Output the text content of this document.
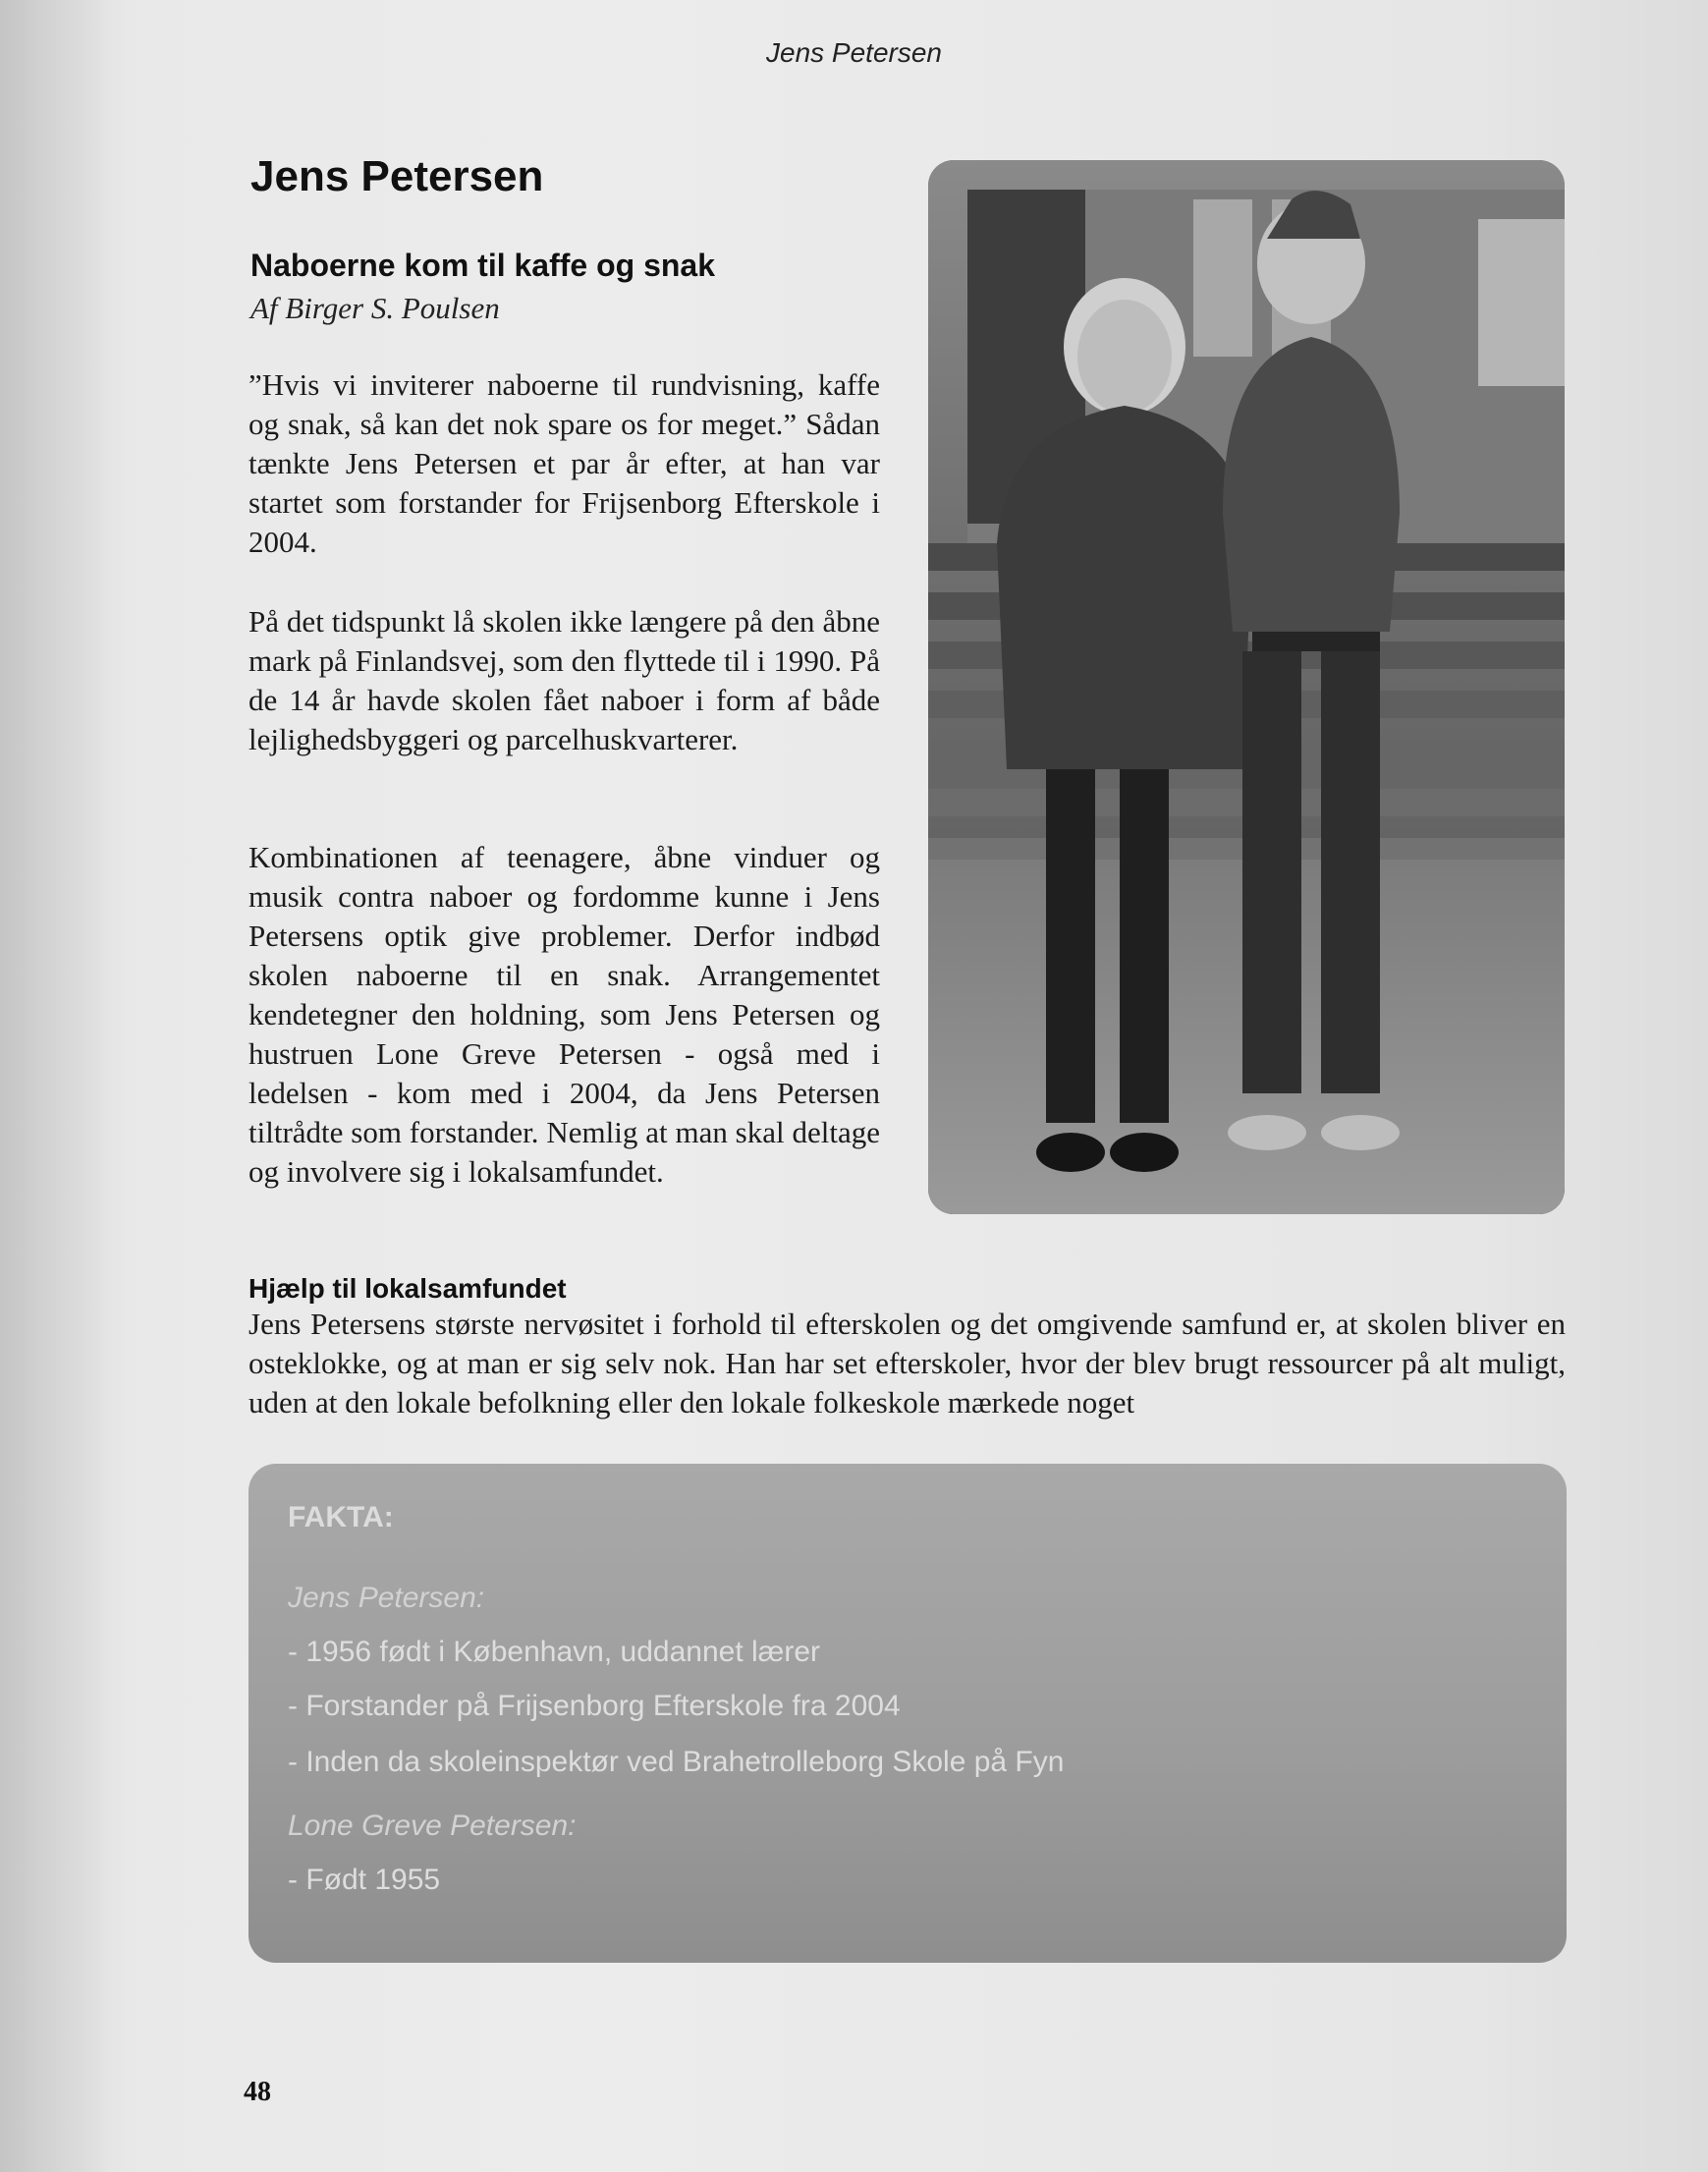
Jens Petersen
Jens Petersen
Naboerne kom til kaffe og snak
Af Birger S. Poulsen

”Hvis vi inviterer naboerne til rundvisning, kaffe og snak, så kan det nok spare os for meget.” Sådan tænkte Jens Petersen et par år efter, at han var startet som forstander for Frijsenborg Efterskole i 2004.

På det tidspunkt lå skolen ikke længere på den åbne mark på Finlandsvej, som den flyttede til i 1990. På de 14 år havde skolen fået naboer i form af både lejlighedsbyggeri og parcelhuskvarterer.

Kombinationen af teenagere, åbne vinduer og musik contra naboer og fordomme kunne i Jens Petersens optik give problemer. Derfor indbød skolen naboerne til en snak. Arrangementet kendetegner den holdning, som Jens Petersen og hustruen Lone Greve Petersen - også med i ledelsen - kom med i 2004, da Jens Petersen tiltrådte som forstander. Nemlig at man skal deltage og involvere sig i lokalsamfundet.

Hjælp til lokalsamfundet

Jens Petersens største nervøsitet i forhold til efterskolen og det omgivende samfund er, at skolen bliver en osteklokke, og at man er sig selv nok. Han har set efterskoler, hvor der blev brugt ressourcer på alt muligt, uden at den lokale befolkning eller den lokale folkeskole mærkede noget

FAKTA:
Jens Petersen:
- 1956 født i København, uddannet lærer
- Forstander på Frijsenborg Efterskole fra 2004
- Inden da skoleinspektør ved Brahetrolleborg Skole på Fyn
Lone Greve Petersen:
- Født 1955
48
